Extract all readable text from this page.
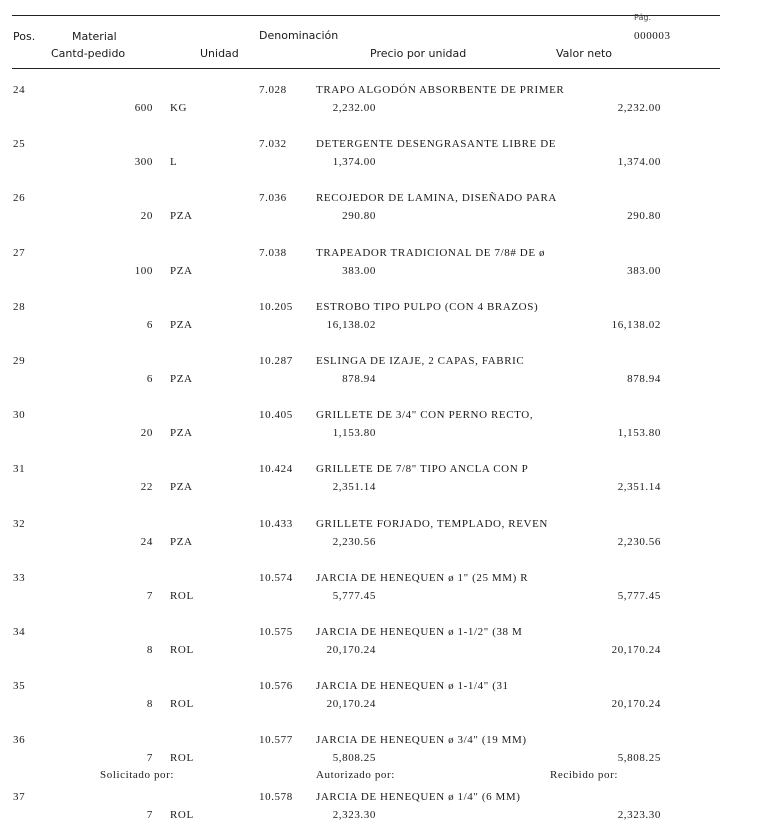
Pág.
000003
Pos.	Material	Denominación
Cantd-pedido	Unidad	Precio por unidad	Valor neto
24	7.028	TRAPO ALGODÓN ABSORBENTE DE PRIMER
600 KG	2,232.00	2,232.00
25	7.032	DETERGENTE DESENGRASANTE LIBRE DE
300 L	1,374.00	1,374.00
26	7.036	RECOJEDOR DE LAMINA, DISEÑADO PARA
20 PZA	290.80	290.80
27	7.038	TRAPEADOR TRADICIONAL DE 7/8# DE ø
100 PZA	383.00	383.00
28	10.205 ESTROBO TIPO PULPO (CON 4 BRAZOS)
6 PZA	16,138.02	16,138.02
29	10.287 ESLINGA DE IZAJE, 2 CAPAS, FABRIC
6 PZA	878.94	878.94
30	10.405 GRILLETE DE 3/4" CON PERNO RECTO,
20 PZA	1,153.80	1,153.80
31	10.424 GRILLETE DE 7/8" TIPO ANCLA CON P
22 PZA	2,351.14	2,351.14
32	10.433 GRILLETE FORJADO, TEMPLADO, REVEN
24 PZA	2,230.56	2,230.56
33	10.574 JARCIA DE HENEQUEN ø 1" (25 MM) R
7 ROL	5,777.45	5,777.45
34	10.575 JARCIA DE HENEQUEN ø 1-1/2" (38 M
8 ROL	20,170.24	20,170.24
35	10.576 JARCIA DE HENEQUEN ø 1-1/4" (31
8 ROL	20,170.24	20,170.24
36	10.577 JARCIA DE HENEQUEN ø 3/4" (19 MM)
7 ROL	5,808.25	5,808.25
37	10.578 JARCIA DE HENEQUEN ø 1/4" (6 MM)
7 ROL	2,323.30	2,323.30
Solicitado por:	Autorizado por:	Recibido por:
